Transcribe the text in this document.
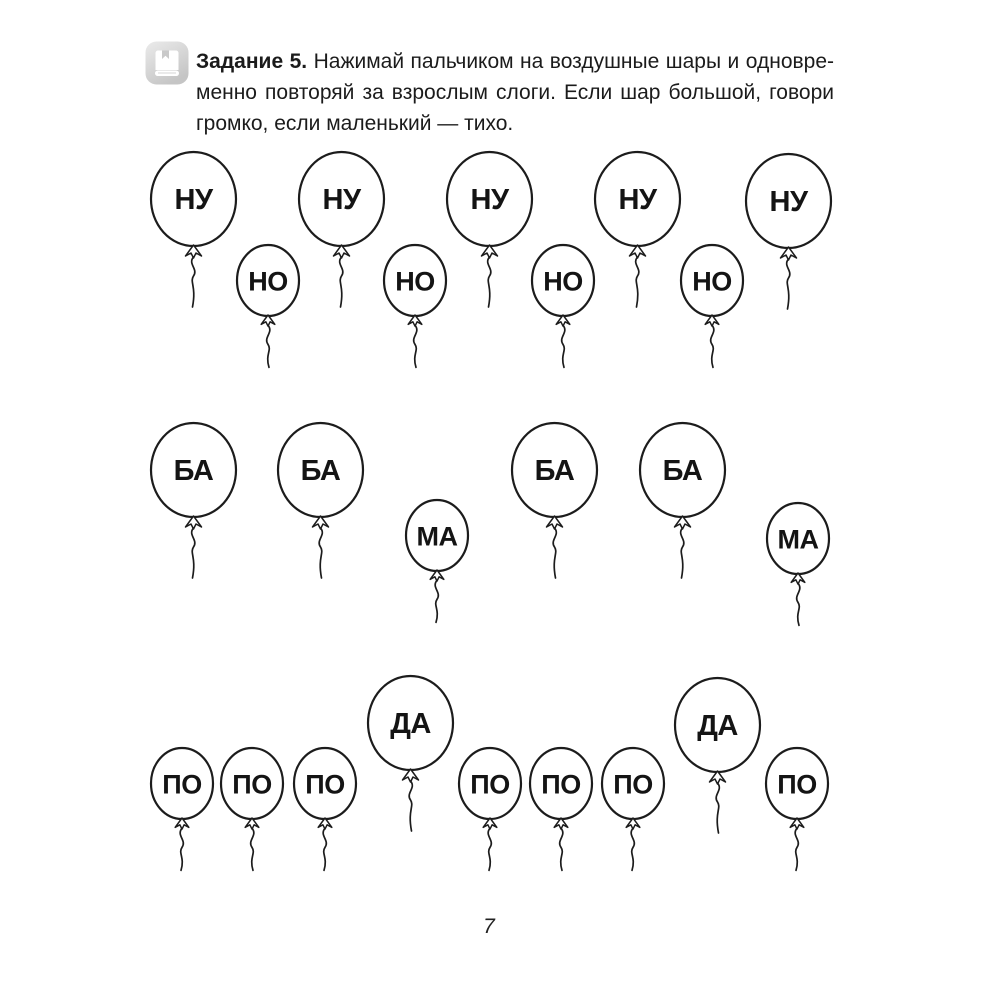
Задание 5. Нажимай пальчиком на воздушные шары и одновре-
менно повторяй за взрослым слоги. Если шар большой, говори
громко, если маленький — тихо.
НУ
НО
НУ
НО
НУ
НО
НУ
НО
НУ
БА	БА
МА
БА	БА
МА
ПО ПО ПО
ДА
ПО ПО ПО
ДА
ПО
7
